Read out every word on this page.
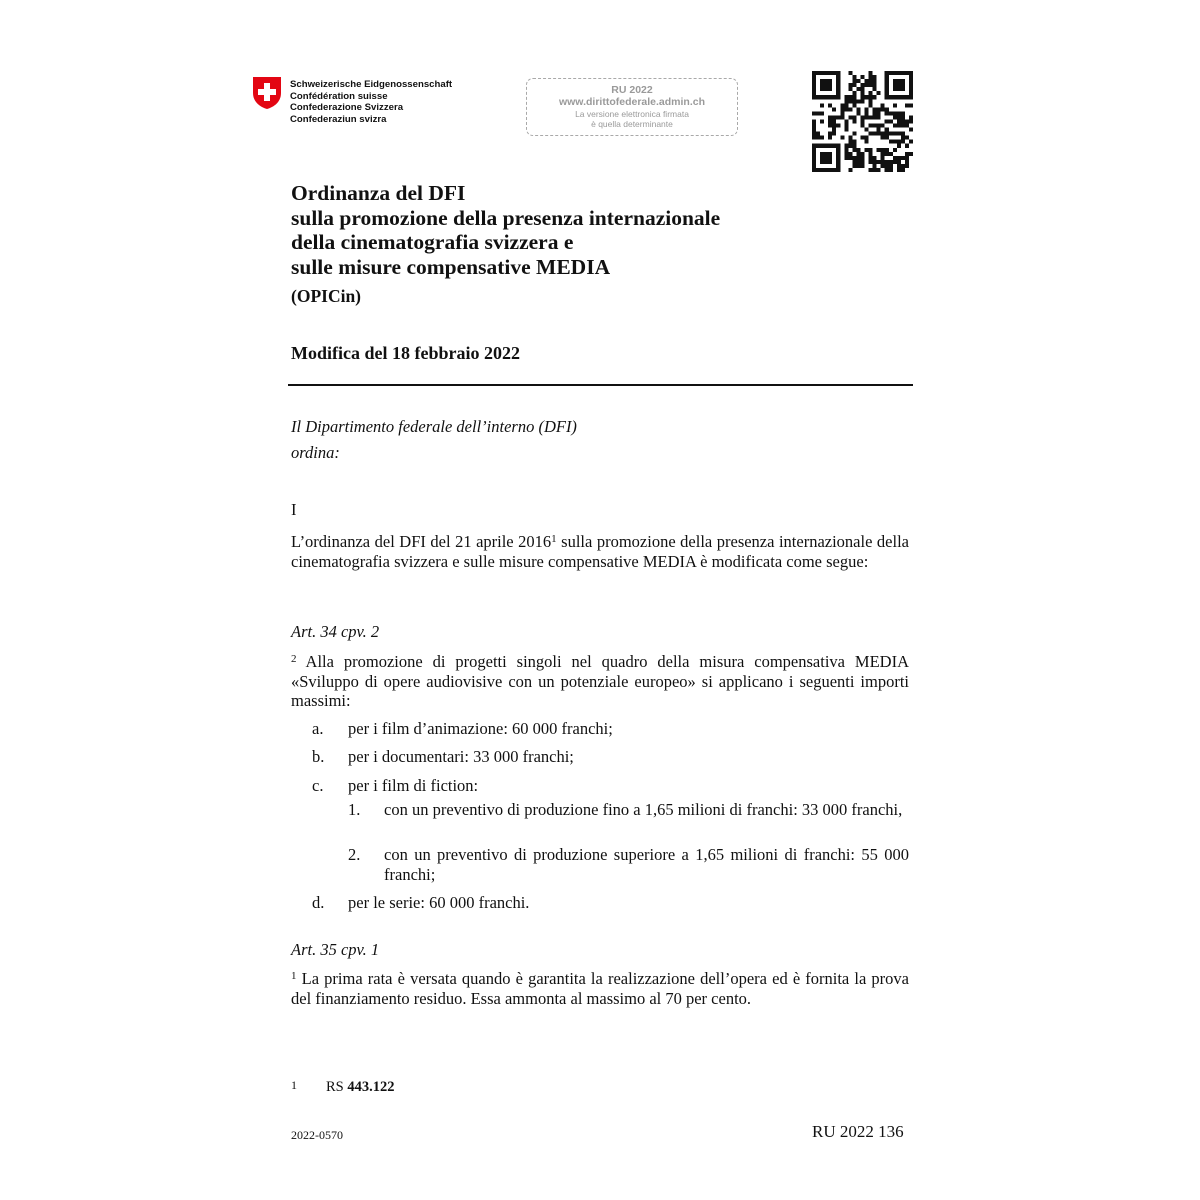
Schweizerische Eidgenossenschaft
Confédération suisse
Confederazione Svizzera
Confederaziun svizra
RU 2022
www.dirittofederale.admin.ch
La versione elettronica firmata
è quella determinante
Ordinanza del DFI
sulla promozione della presenza internazionale
della cinematografia svizzera e
sulle misure compensative MEDIA
(OPICin)
Modifica del 18 febbraio 2022
Il Dipartimento federale dell’interno (DFI)
ordina:
I
L’ordinanza del DFI del 21 aprile 2016$^1$ sulla promozione della presenza internazionale della cinematografia svizzera e sulle misure compensative MEDIA è modificata come segue:
Art. 34 cpv. 2
$^2$ Alla promozione di progetti singoli nel quadro della misura compensativa MEDIA «Sviluppo di opere audiovisive con un potenziale europeo» si applicano i seguenti importi massimi:
a. per i film d’animazione: 60 000 franchi;
b. per i documentari: 33 000 franchi;
c. per i film di fiction:
1. con un preventivo di produzione fino a 1,65 milioni di franchi: 33 000 franchi,
2. con un preventivo di produzione superiore a 1,65 milioni di franchi: 55 000 franchi;
d. per le serie: 60 000 franchi.
Art. 35 cpv. 1
$^1$ La prima rata è versata quando è garantita la realizzazione dell’opera ed è fornita la prova del finanziamento residuo. Essa ammonta al massimo al 70 per cento.
1 RS 443.122
2022-0570	RU 2022 136
